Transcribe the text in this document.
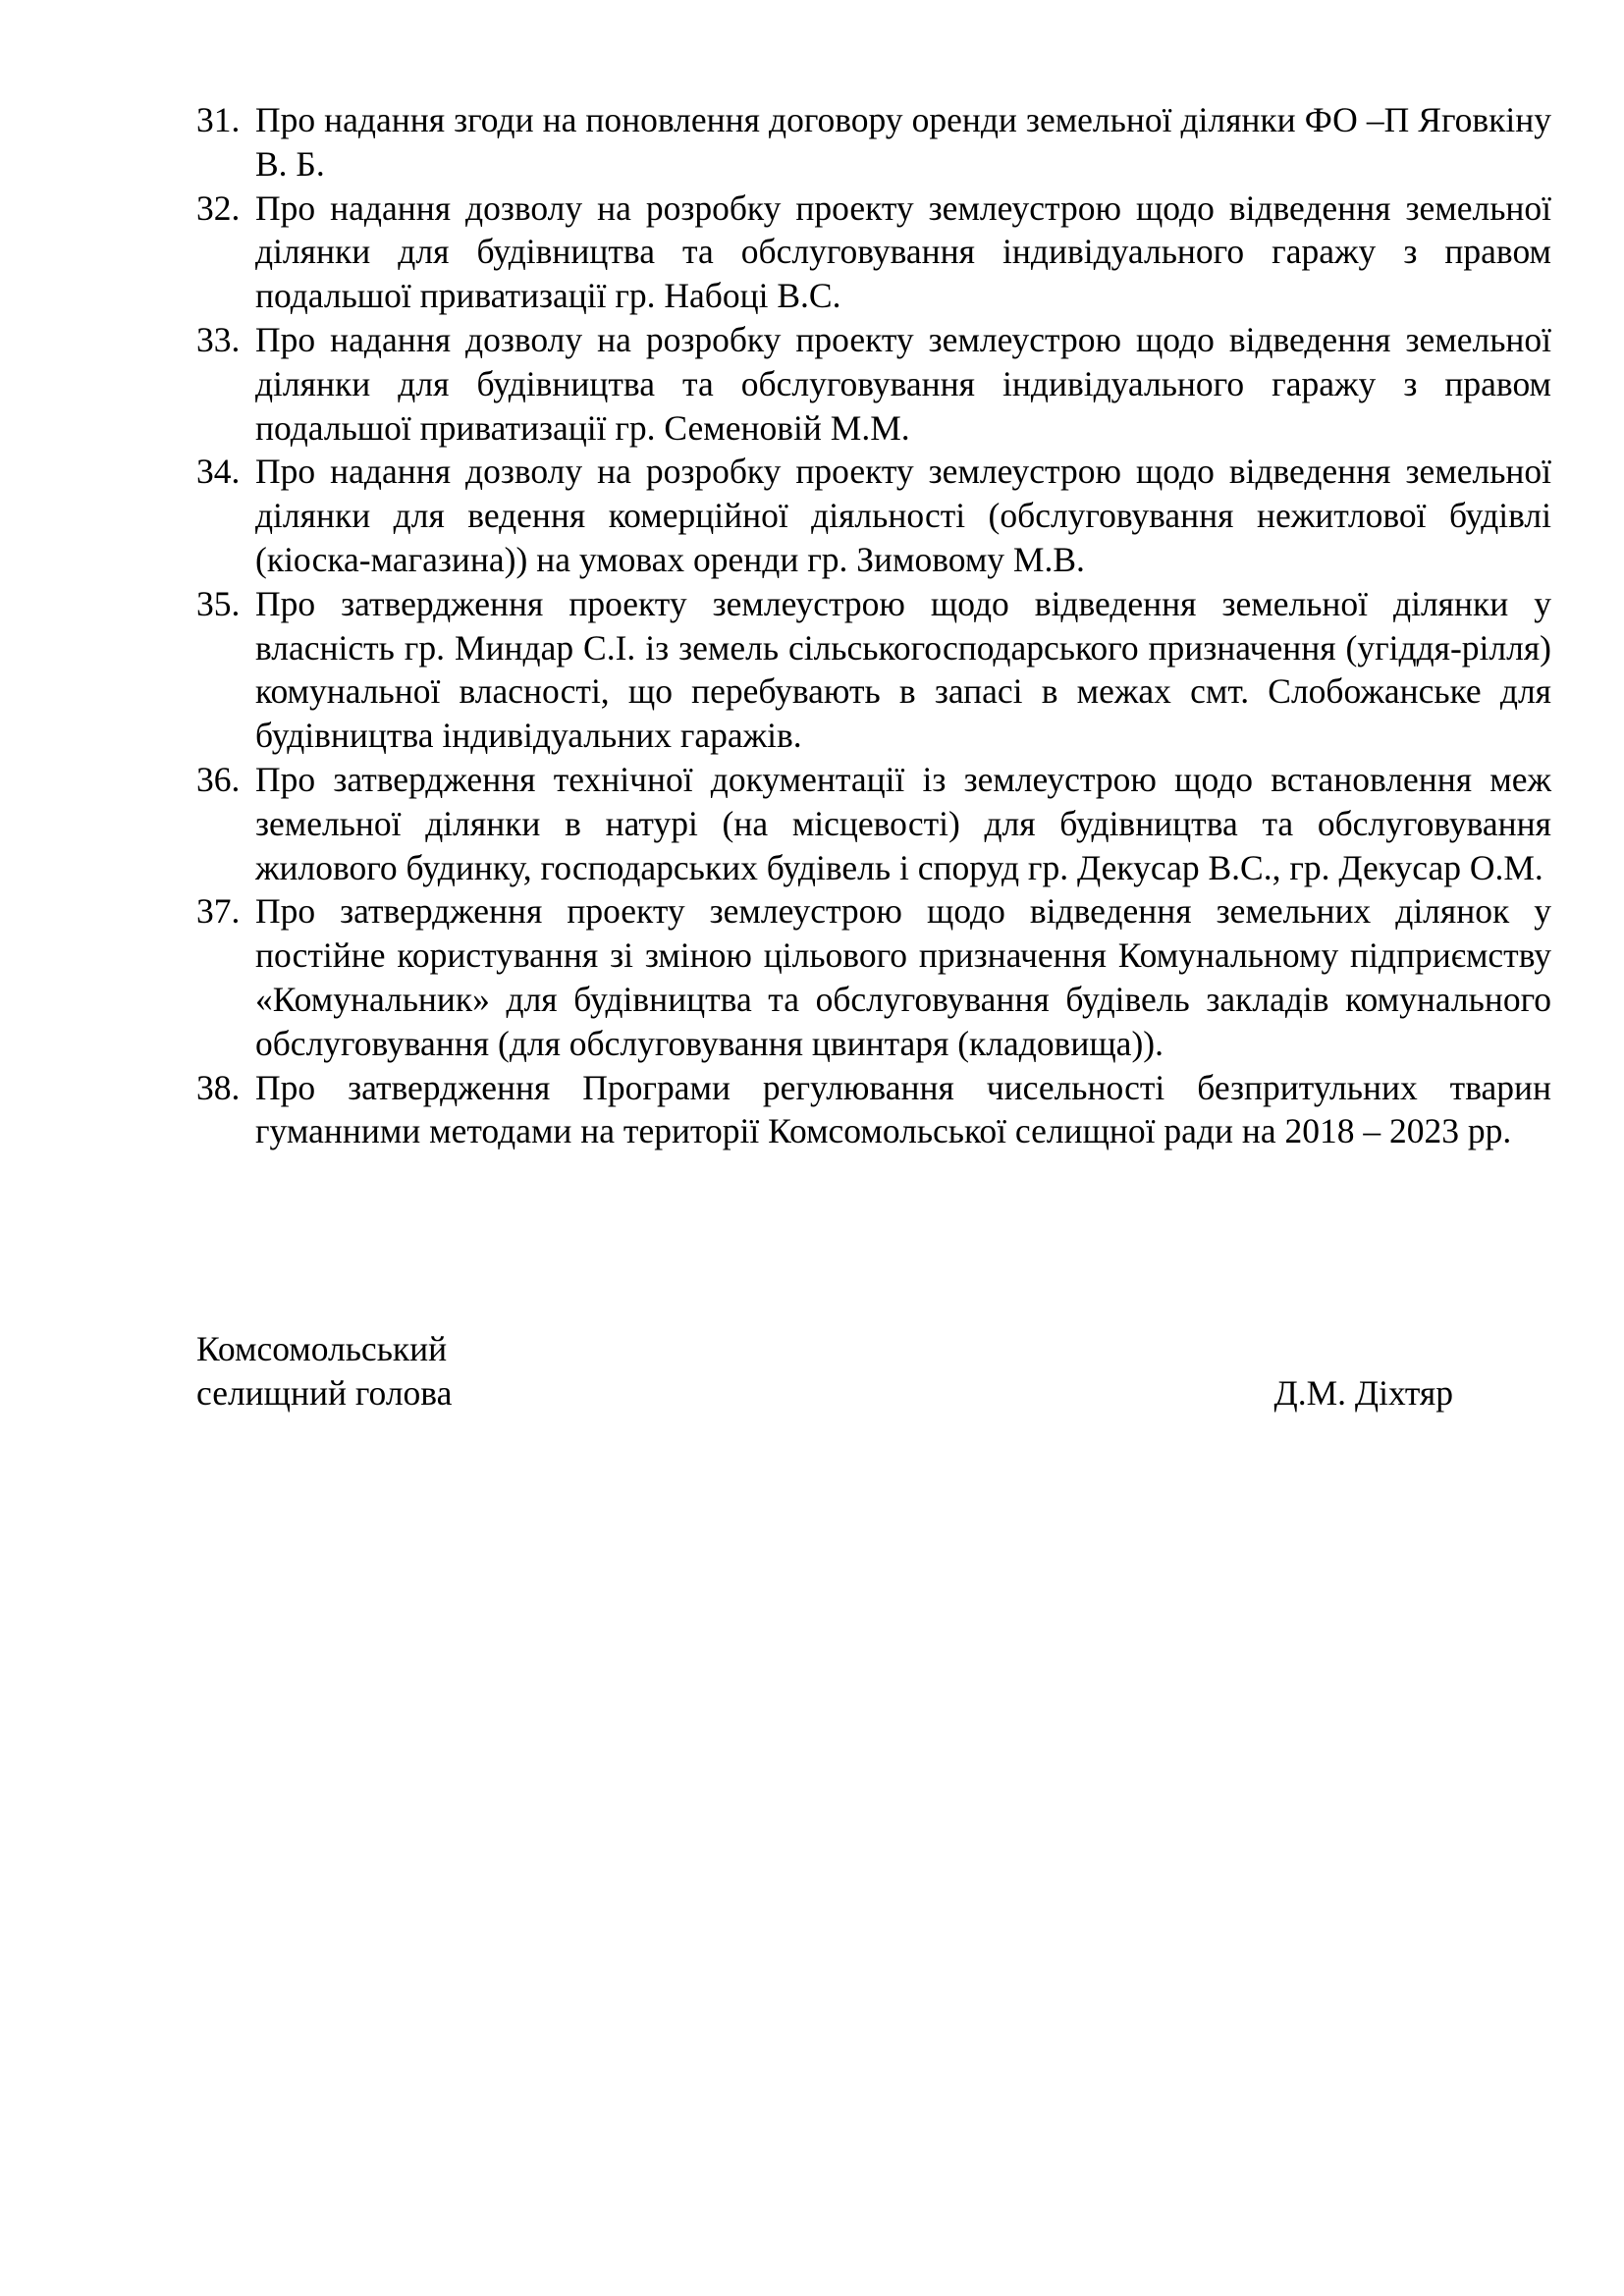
31. Про надання згоди на поновлення договору оренди земельної ділянки ФО –П Яговкіну В. Б.
32. Про надання дозволу на розробку проекту землеустрою щодо відведення земельної ділянки для будівництва та обслуговування індивідуального гаражу з правом подальшої приватизації гр. Набоці В.С.
33. Про надання дозволу на розробку проекту землеустрою щодо відведення земельної ділянки для будівництва та обслуговування індивідуального гаражу з правом подальшої приватизації гр. Семеновій М.М.
34. Про надання дозволу на розробку проекту землеустрою щодо відведення земельної ділянки для ведення комерційної діяльності (обслуговування нежитлової будівлі (кіоска-магазина)) на умовах оренди гр. Зимовому М.В.
35. Про затвердження проекту землеустрою щодо відведення земельної ділянки у власність гр. Миндар С.І. із земель сільськогосподарського призначення (угіддя-рілля) комунальної власності, що перебувають в запасі в межах смт. Слобожанське для будівництва індивідуальних гаражів.
36. Про затвердження технічної документації із землеустрою щодо встановлення меж земельної ділянки в натурі (на місцевості) для будівництва та обслуговування жилового будинку, господарських будівель і споруд гр. Декусар В.С., гр. Декусар О.М.
37. Про затвердження проекту землеустрою щодо відведення земельних ділянок у постійне користування зі зміною цільового призначення Комунальному підприємству «Комунальник» для будівництва та обслуговування будівель закладів комунального обслуговування (для обслуговування цвинтаря (кладовища)).
38. Про затвердження Програми регулювання чисельності безпритульних тварин гуманними методами на території Комсомольської селищної ради на 2018 – 2023 рр.
Комсомольський
селищний голова	Д.М. Діхтяр
